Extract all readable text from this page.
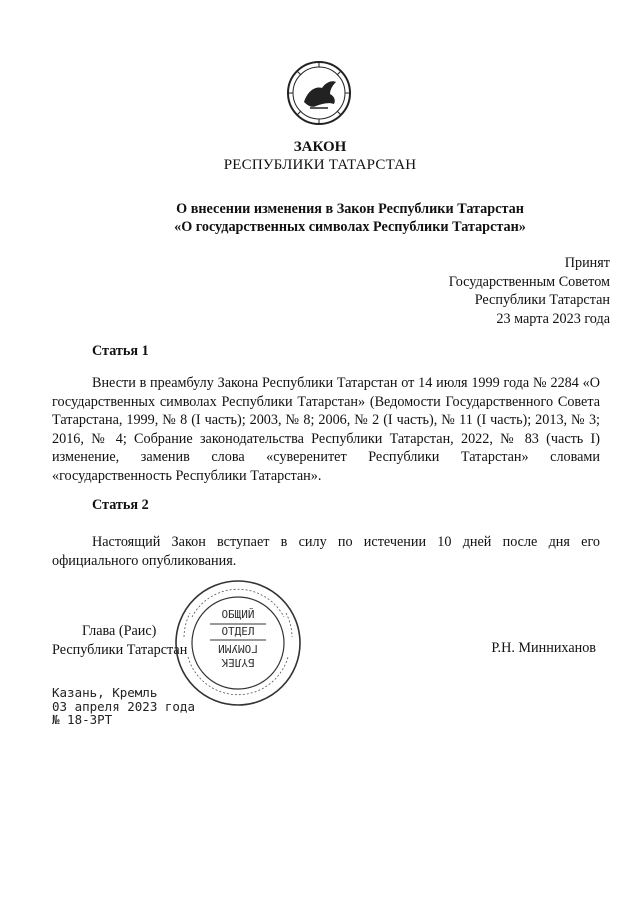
ЗАКОН
РЕСПУБЛИКИ ТАТАРСТАН
О внесении изменения в Закон Республики Татарстан
«О государственных символах Республики Татарстан»
Принят
Государственным Советом
Республики Татарстан
23 марта 2023 года
Статья 1

Внести в преамбулу Закона Республики Татарстан от 14 июля 1999 года № 2284 «О государственных символах Республики Татарстан» (Ведомости Государственного Совета Татарстана, 1999, № 8 (I часть); 2003, № 8; 2006, № 2 (I часть), № 11 (I часть); 2013, № 3; 2016, № 4; Собрание законодательства Республики Татарстан, 2022, № 83 (часть I) изменение, заменив слова «суверенитет Республики Татарстан» словами «государственность Республики Татарстан».

Статья 2

Настоящий Закон вступает в силу по истечении 10 дней после дня его официального опубликования.

Глава (Раис)
Республики Татарстан	Р.Н. Минниханов
ОБЩИЙ
ОТДЕЛ
БҮЛЕК
ГОМУМИ
Казань, Кремль
03 апреля 2023 года
№ 18-ЗРТ
